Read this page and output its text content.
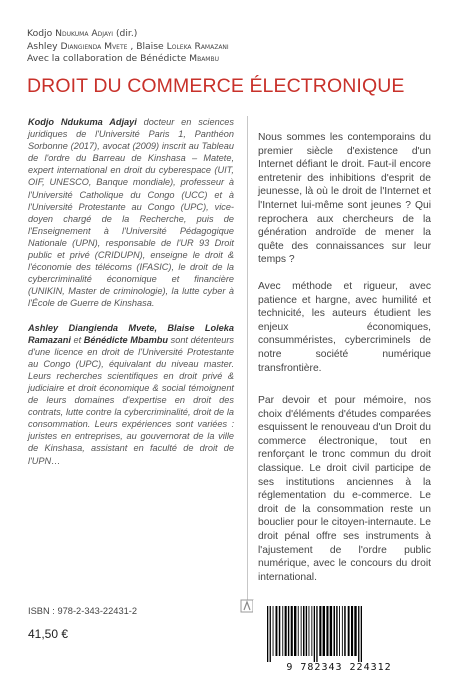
Kodjo Ndukuma Adjayi (dir.)
Ashley Diangienda Mvete , Blaise Loleka Ramazani
Avec la collaboration de Bénédicte Mbambu
DROIT DU COMMERCE ÉLECTRONIQUE
Kodjo Ndukuma Adjayi docteur en sciences juridiques de l'Université Paris 1, Panthéon Sorbonne (2017), avocat (2009) inscrit au Tableau de l'ordre du Barreau de Kinshasa – Matete, expert international en droit du cyberespace (UIT, OIF, UNESCO, Banque mondiale), professeur à l'Université Catholique du Congo (UCC) et à l'Université Protestante au Congo (UPC), vice-doyen chargé de la Recherche, puis de l'Enseignement à l'Université Pédagogique Nationale (UPN), responsable de l'UR 93 Droit public et privé (CRIDUPN), enseigne le droit & l'économie des télécoms (IFASIC), le droit de la cybercriminalité économique et financière (UNIKIN, Master de criminologie), la lutte cyber à l'École de Guerre de Kinshasa.
Ashley Diangienda Mvete, Blaise Loleka Ramazani et Bénédicte Mbambu sont détenteurs d'une licence en droit de l'Université Protestante au Congo (UPC), équivalant du niveau master. Leurs recherches scientifiques en droit privé & judiciaire et droit économique & social témoignent de leurs domaines d'expertise en droit des contrats, lutte contre la cybercriminalité, droit de la consommation. Leurs expériences sont variées : juristes en entreprises, au gouvernorat de la ville de Kinshasa, assistant en faculté de droit de l'UPN…

Nous sommes les contemporains du premier siècle d'existence d'un Internet défiant le droit. Faut-il encore entretenir des inhibitions d'esprit de jeunesse, là où le droit de l'Internet et l'Internet lui-même sont jeunes ? Qui reprochera aux chercheurs de la génération androïde de mener la quête des connaissances sur leur temps ?

Avec méthode et rigueur, avec patience et hargne, avec humilité et technicité, les auteurs étudient les enjeux économiques, consumméristes, cybercriminels de notre société numérique transfrontière.

Par devoir et pour mémoire, nos choix d'éléments d'études comparées esquissent le renouveau d'un Droit du commerce électronique, tout en renforçant le tronc commun du droit classique. Le droit civil participe de ses institutions anciennes à la réglementation du e-commerce. Le droit de la consommation reste un bouclier pour le citoyen-internaute. Le droit pénal offre ses instruments à l'ajustement de l'ordre public numérique, avec le concours du droit international.

ISBN : 978-2-343-22431-2
41,50 €
9 782343 224312
